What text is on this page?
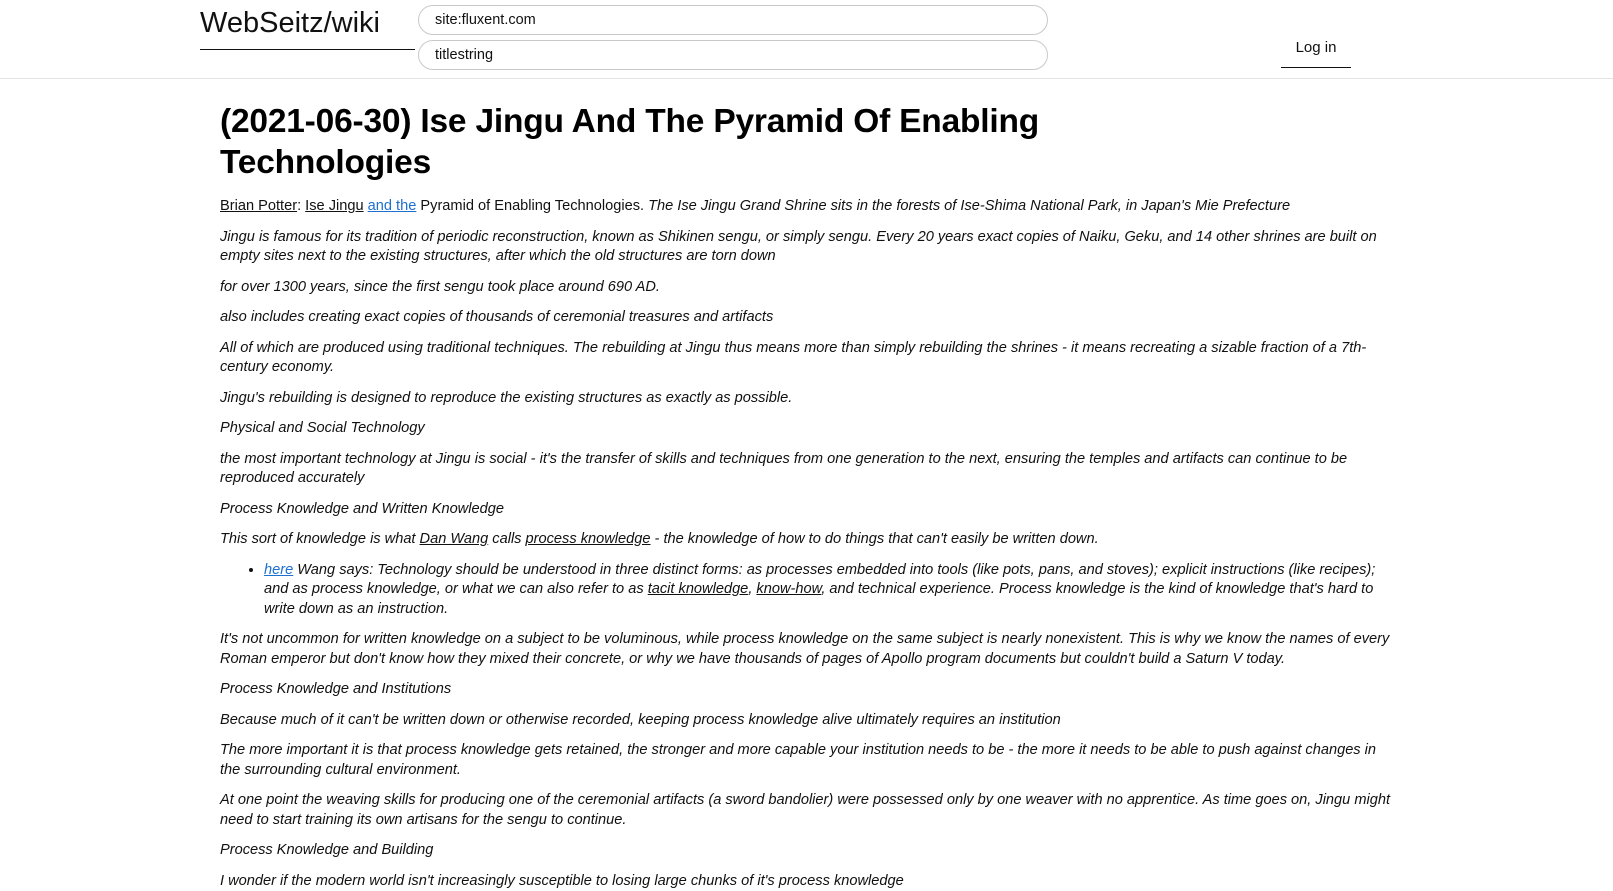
WebSeitz/wiki
site:fluxent.com
titlestring
Log in
(2021-06-30) Ise Jingu And The Pyramid Of Enabling Technologies

Brian Potter: Ise Jingu and the Pyramid of Enabling Technologies. The Ise Jingu Grand Shrine sits in the forests of Ise-Shima National Park, in Japan's Mie Prefecture

Jingu is famous for its tradition of periodic reconstruction, known as Shikinen sengu, or simply sengu. Every 20 years exact copies of Naiku, Geku, and 14 other shrines are built on empty sites next to the existing structures, after which the old structures are torn down

for over 1300 years, since the first sengu took place around 690 AD.

also includes creating exact copies of thousands of ceremonial treasures and artifacts

All of which are produced using traditional techniques. The rebuilding at Jingu thus means more than simply rebuilding the shrines - it means recreating a sizable fraction of a 7th-century economy.

Jingu's rebuilding is designed to reproduce the existing structures as exactly as possible.

Physical and Social Technology

the most important technology at Jingu is social - it's the transfer of skills and techniques from one generation to the next, ensuring the temples and artifacts can continue to be reproduced accurately

Process Knowledge and Written Knowledge

This sort of knowledge is what Dan Wang calls process knowledge - the knowledge of how to do things that can't easily be written down.

• here Wang says: Technology should be understood in three distinct forms: as processes embedded into tools (like pots, pans, and stoves); explicit instructions (like recipes); and as process knowledge, or what we can also refer to as tacit knowledge, know-how, and technical experience. Process knowledge is the kind of knowledge that's hard to write down as an instruction.

It's not uncommon for written knowledge on a subject to be voluminous, while process knowledge on the same subject is nearly nonexistent. This is why we know the names of every Roman emperor but don't know how they mixed their concrete, or why we have thousands of pages of Apollo program documents but couldn't build a Saturn V today.

Process Knowledge and Institutions

Because much of it can't be written down or otherwise recorded, keeping process knowledge alive ultimately requires an institution

The more important it is that process knowledge gets retained, the stronger and more capable your institution needs to be - the more it needs to be able to push against changes in the surrounding cultural environment.

At one point the weaving skills for producing one of the ceremonial artifacts (a sword bandolier) were possessed only by one weaver with no apprentice. As time goes on, Jingu might need to start training its own artisans for the sengu to continue.

Process Knowledge and Building

I wonder if the modern world isn't increasingly susceptible to losing large chunks of it's process knowledge
